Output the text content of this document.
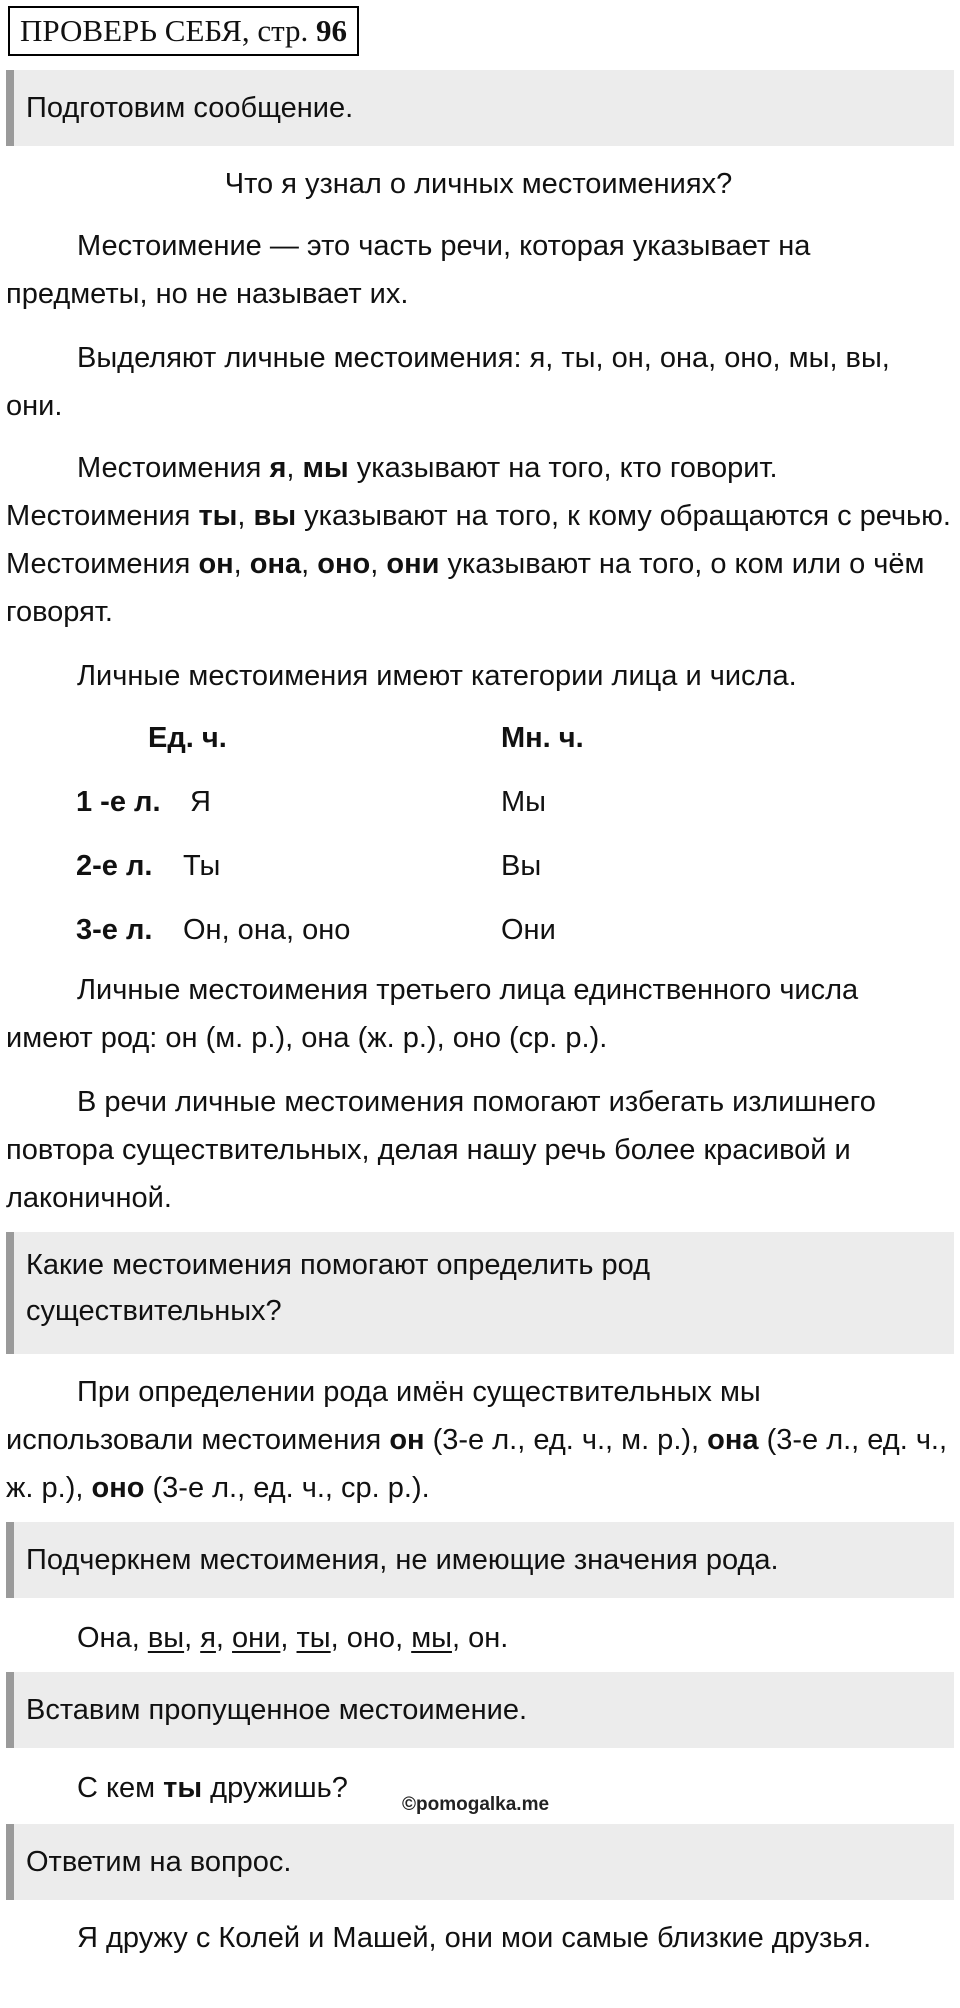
ПРОВЕРЬ СЕБЯ, стр. 96
Подготовим сообщение.
Что я узнал о личных местоимениях?
Местоимение — это часть речи, которая указывает на предметы, но не называет их.
Выделяют личные местоимения: я, ты, он, она, оно, мы, вы, они.
Местоимения я, мы указывают на того, кто говорит. Местоимения ты, вы указывают на того, к кому обращаются с речью. Местоимения он, она, оно, они указывают на того, о ком или о чём говорят.
Личные местоимения имеют категории лица и числа.
Ед. ч.	Мн. ч.
1 -е л. Я	Мы
2-е л. Ты	Вы
3-е л. Он, она, оно	Они
Личные местоимения третьего лица единственного числа имеют род: он (м. р.), она (ж. р.), оно (ср. р.).
В речи личные местоимения помогают избегать излишнего повтора существительных, делая нашу речь более красивой и лаконичной.
Какие местоимения помогают определить род существительных?
При определении рода имён существительных мы использовали местоимения он (3-е л., ед. ч., м. р.), она (3-е л., ед. ч., ж. р.), оно (3-е л., ед. ч., ср. р.).
Подчеркнем местоимения, не имеющие значения рода.
Она, вы, я, они, ты, оно, мы, он.
Вставим пропущенное местоимение.
С кем ты дружишь?
©pomogalka.me
Ответим на вопрос.
Я дружу с Колей и Машей, они мои самые близкие друзья.
